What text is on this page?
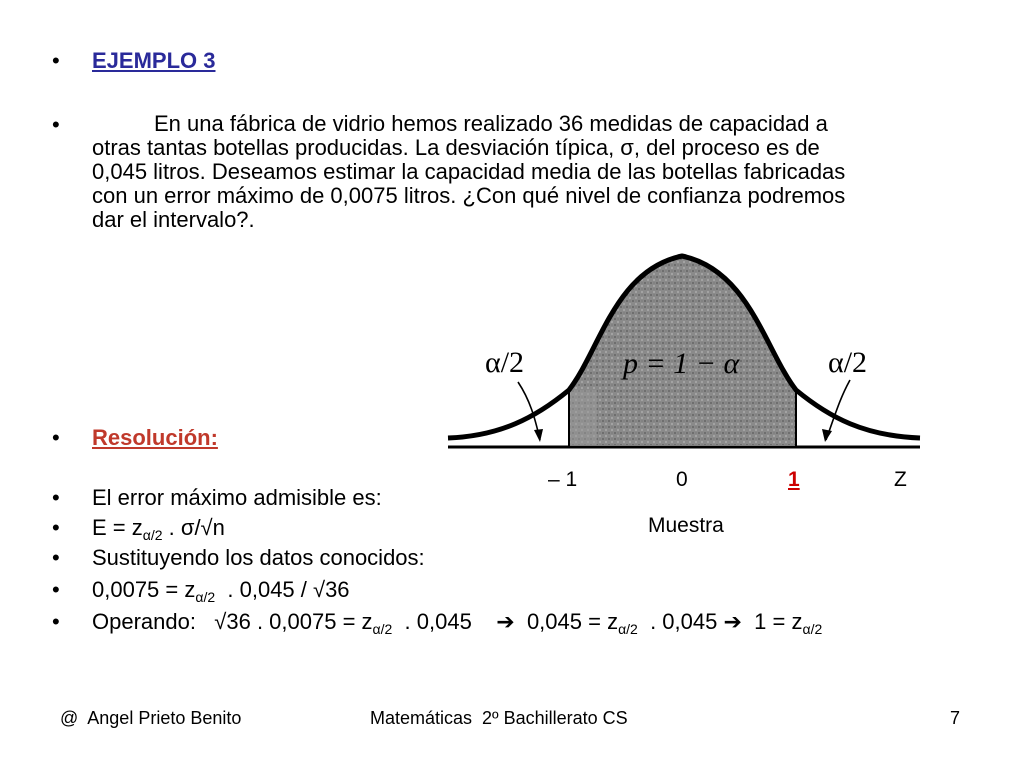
• EJEMPLO 3
•	En una fábrica de vidrio hemos realizado 36 medidas de capacidad a
otras tantas botellas producidas. La desviación típica, σ, del proceso es de
0,045 litros. Deseamos estimar la capacidad media de las botellas fabricadas
con un error máximo de 0,0075 litros. ¿Con qué nivel de confianza podremos
dar el intervalo?.
α/2	α/2
p = 1 − α
– 1	0	1	Z
Muestra
• Resolución:
• El error máximo admisible es:
• $E = z_{\alpha/2}$ . σ/√n
• Sustituyendo los datos conocidos:
• $0,0075 = z_{\alpha/2}$  . 0,045 / √36
• Operando:   √36 . $0,0075 = z_{\alpha/2}$  . 0,045    ➔  $0,045 = z_{\alpha/2}$  . 0,045 ➔  $1 = z_{\alpha/2}$
@  Angel Prieto Benito	Matemáticas  2º Bachillerato CS	7
